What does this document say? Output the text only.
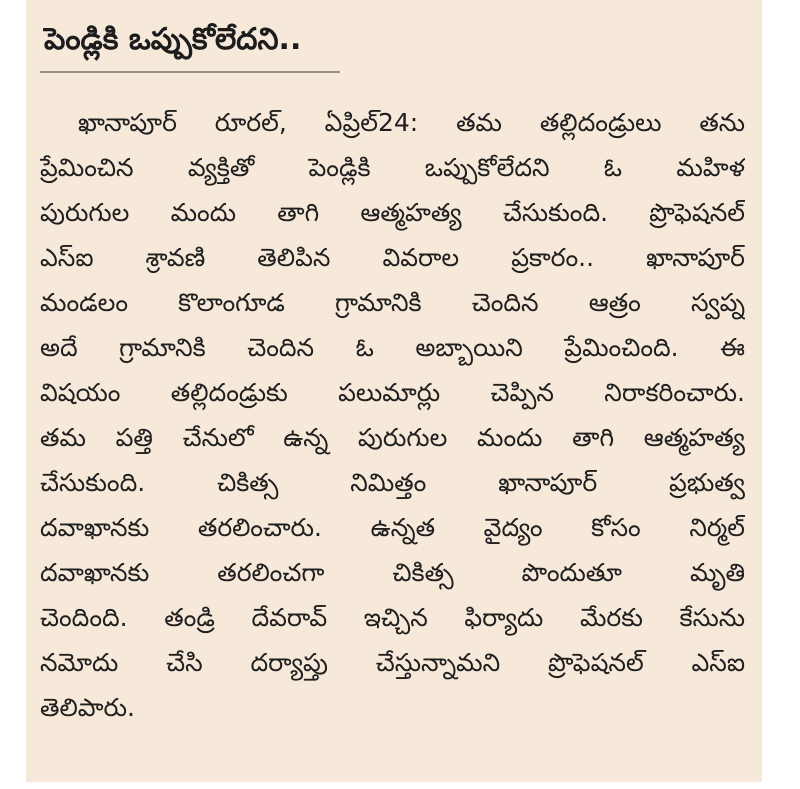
పెండ్లికి ఒప్పుకోలేదని..
ఖానాపూర్ రూరల్, ఏప్రిల్24: తమ తల్లిదండ్రులు తను
ప్రేమించిన వ్యక్తితో పెండ్లికి ఒప్పుకోలేదని ఓ మహిళ
పురుగుల మందు తాగి ఆత్మహత్య చేసుకుంది. ప్రొఫెషనల్
ఎస్ఐ శ్రావణి తెలిపిన వివరాల ప్రకారం.. ఖానాపూర్
మండలం కొలాంగూడ గ్రామానికి చెందిన ఆత్రం స్వప్న
అదే గ్రామానికి చెందిన ఓ అబ్బాయిని ప్రేమించింది. ఈ
విషయం తల్లిదండ్రుకు పలుమార్లు చెప్పిన నిరాకరించారు.
తమ పత్తి చేనులో ఉన్న పురుగుల మందు తాగి ఆత్మహత్య
చేసుకుంది. చికిత్స నిమిత్తం ఖానాపూర్ ప్రభుత్వ
దవాఖానకు తరలించారు. ఉన్నత వైద్యం కోసం నిర్మల్
దవాఖానకు తరలించగా చికిత్స పొందుతూ మృతి
చెందింది. తండ్రి దేవరావ్ ఇచ్చిన ఫిర్యాదు మేరకు కేసును
నమోదు చేసి దర్యాప్తు చేస్తున్నామని ప్రొఫెషనల్ ఎస్ఐ
తెలిపారు.
